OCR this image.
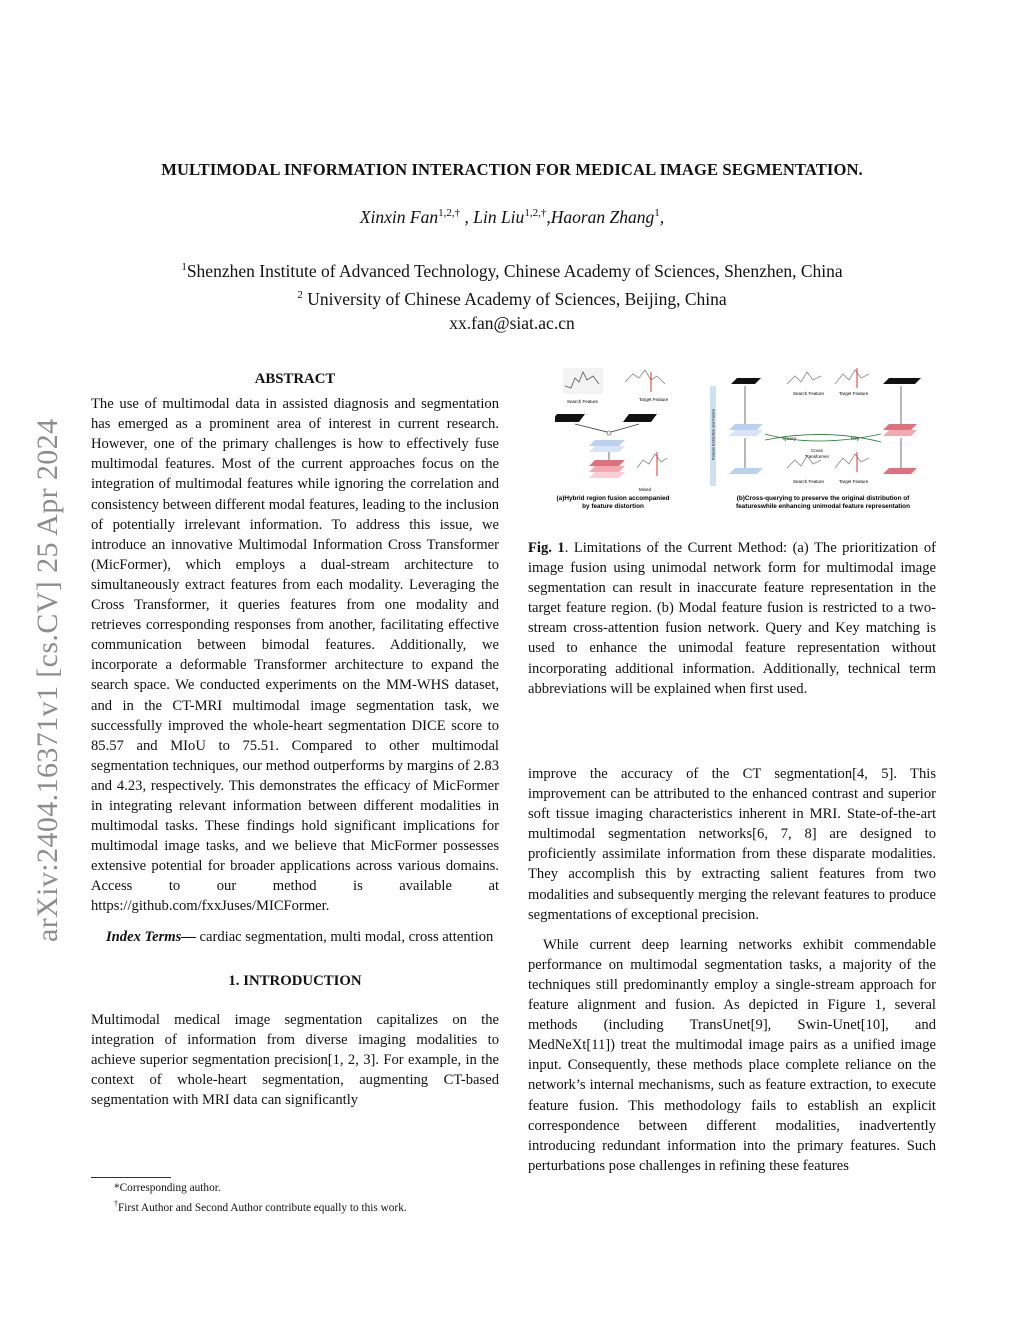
arXiv:2404.16371v1 [cs.CV] 25 Apr 2024
MULTIMODAL INFORMATION INTERACTION FOR MEDICAL IMAGE SEGMENTATION.
Xinxin Fan$^{1,2,\dagger}$ , Lin Liu$^{1,2,\dagger}$,Haoran Zhang$^1$,
$^1$Shenzhen Institute of Advanced Technology, Chinese Academy of Sciences, Shenzhen, China
$^2$ University of Chinese Academy of Sciences, Beijing, China
xx.fan@siat.ac.cn

ABSTRACT

The use of multimodal data in assisted diagnosis and segmentation has emerged as a prominent area of interest in current research. However, one of the primary challenges is how to effectively fuse multimodal features. Most of the current approaches focus on the integration of multimodal features while ignoring the correlation and consistency between different modal features, leading to the inclusion of potentially irrelevant information. To address this issue, we introduce an innovative Multimodal Information Cross Transformer (MicFormer), which employs a dual-stream architecture to simultaneously extract features from each modality. Leveraging the Cross Transformer, it queries features from one modality and retrieves corresponding responses from another, facilitating effective communication between bimodal features. Additionally, we incorporate a deformable Transformer architecture to expand the search space. We conducted experiments on the MM-WHS dataset, and in the CT-MRI multimodal image segmentation task, we successfully improved the whole-heart segmentation DICE score to 85.57 and MIoU to 75.51. Compared to other multimodal segmentation techniques, our method outperforms by margins of 2.83 and 4.23, respectively. This demonstrates the efficacy of MicFormer in integrating relevant information between different modalities in multimodal tasks. These findings hold significant implications for multimodal image tasks, and we believe that MicFormer possesses extensive potential for broader applications across various domains. Access to our method is available at https://github.com/fxxJuses/MICFormer.

Index Terms— cardiac segmentation, multi modal, cross attention

1. INTRODUCTION

Multimodal medical image segmentation capitalizes on the integration of information from diverse imaging modalities to achieve superior segmentation precision[1, 2, 3]. For example, in the context of whole-heart segmentation, augmenting CT-based segmentation with MRI data can significantly

*Corresponding author.
†First Author and Second Author contribute equally to this work.
Search Feature	Target Feature
Mixed
(a)Hybrid region fusion accompanied
by feature distortion
Search Feature	Target Feature
Query	Key
Cross
Transformer
Search Feature	Target Feature
Feature Extraction and Fusion
(b)Cross-querying to preserve the original distribution of
featureswhile enhancing unimodal feature representation
Fig. 1. Limitations of the Current Method: (a) The prioritization of image fusion using unimodal network form for multimodal image segmentation can result in inaccurate feature representation in the target feature region. (b) Modal feature fusion is restricted to a two-stream cross-attention fusion network. Query and Key matching is used to enhance the unimodal feature representation without incorporating additional information. Additionally, technical term abbreviations will be explained when first used.

improve the accuracy of the CT segmentation[4, 5]. This improvement can be attributed to the enhanced contrast and superior soft tissue imaging characteristics inherent in MRI. State-of-the-art multimodal segmentation networks[6, 7, 8] are designed to proficiently assimilate information from these disparate modalities. They accomplish this by extracting salient features from two modalities and subsequently merging the relevant features to produce segmentations of exceptional precision.

While current deep learning networks exhibit commendable performance on multimodal segmentation tasks, a majority of the techniques still predominantly employ a single-stream approach for feature alignment and fusion. As depicted in Figure 1, several methods (including TransUnet[9], Swin-Unet[10], and MedNeXt[11]) treat the multimodal image pairs as a unified image input. Consequently, these methods place complete reliance on the network’s internal mechanisms, such as feature extraction, to execute feature fusion. This methodology fails to establish an explicit correspondence between different modalities, inadvertently introducing redundant information into the primary features. Such perturbations pose challenges in refining these features
